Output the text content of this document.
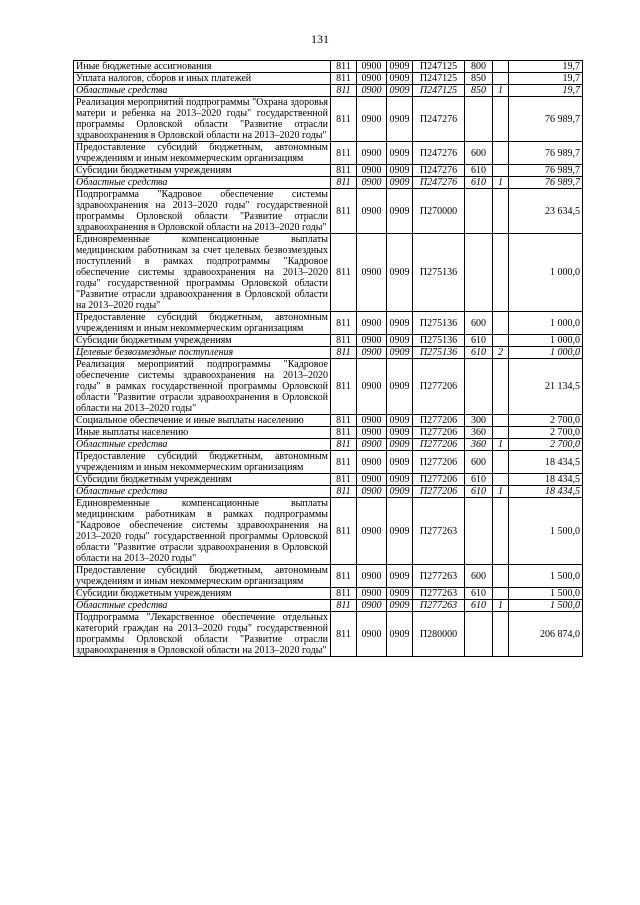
131
Иные бюджетные ассигнования	811	0900	0909	П247125	800		19,7
Уплата налогов, сборов и иных платежей	811	0900	0909	П247125	850		19,7
Областные средства	811	0900	0909	П247125	850	1	19,7
Реализация мероприятий подпрограммы "Охрана здоровья матери и ребенка на 2013–2020 годы" государственной программы Орловской области "Развитие отрасли здравоохранения в Орловской области на 2013–2020 годы"	811	0900	0909	П247276			76 989,7
Предоставление субсидий бюджетным, автономным учреждениям и иным некоммерческим организациям	811	0900	0909	П247276	600		76 989,7
Субсидии бюджетным учреждениям	811	0900	0909	П247276	610		76 989,7
Областные средства	811	0900	0909	П247276	610	1	76 989,7
Подпрограмма "Кадровое обеспечение системы здравоохранения на 2013–2020 годы" государственной программы Орловской области "Развитие отрасли здравоохранения в Орловской области на 2013–2020 годы"	811	0900	0909	П270000			23 634,5
Единовременные компенсационные выплаты медицинским работникам за счет целевых безвозмездных поступлений в рамках подпрограммы "Кадровое обеспечение системы здравоохранения на 2013–2020 годы" государственной программы Орловской области "Развитие отрасли здравоохранения в Орловской области на 2013–2020 годы"	811	0900	0909	П275136			1 000,0
Предоставление субсидий бюджетным, автономным учреждениям и иным некоммерческим организациям	811	0900	0909	П275136	600		1 000,0
Субсидии бюджетным учреждениям	811	0900	0909	П275136	610		1 000,0
Целевые безвозмездные поступления	811	0900	0909	П275136	610	2	1 000,0
Реализация мероприятий подпрограммы "Кадровое обеспечение системы здравоохранения на 2013–2020 годы" в рамках государственной программы Орловской области "Развитие отрасли здравоохранения в Орловской области на 2013–2020 годы"	811	0900	0909	П277206			21 134,5
Социальное обеспечение и иные выплаты населению	811	0900	0909	П277206	300		2 700,0
Иные выплаты населению	811	0900	0909	П277206	360		2 700,0
Областные средства	811	0900	0909	П277206	360	1	2 700,0
Предоставление субсидий бюджетным, автономным учреждениям и иным некоммерческим организациям	811	0900	0909	П277206	600		18 434,5
Субсидии бюджетным учреждениям	811	0900	0909	П277206	610		18 434,5
Областные средства	811	0900	0909	П277206	610	1	18 434,5
Единовременные компенсационные выплаты медицинским работникам в рамках подпрограммы "Кадровое обеспечение системы здравоохранения на 2013–2020 годы" государственной программы Орловской области "Развитие отрасли здравоохранения в Орловской области на 2013–2020 годы"	811	0900	0909	П277263			1 500,0
Предоставление субсидий бюджетным, автономным учреждениям и иным некоммерческим организациям	811	0900	0909	П277263	600		1 500,0
Субсидии бюджетным учреждениям	811	0900	0909	П277263	610		1 500,0
Областные средства	811	0900	0909	П277263	610	1	1 500,0
Подпрограмма "Лекарственное обеспечение отдельных категорий граждан на 2013–2020 годы" государственной программы Орловской области "Развитие отрасли здравоохранения в Орловской области на 2013–2020 годы"	811	0900	0909	П280000			206 874,0
